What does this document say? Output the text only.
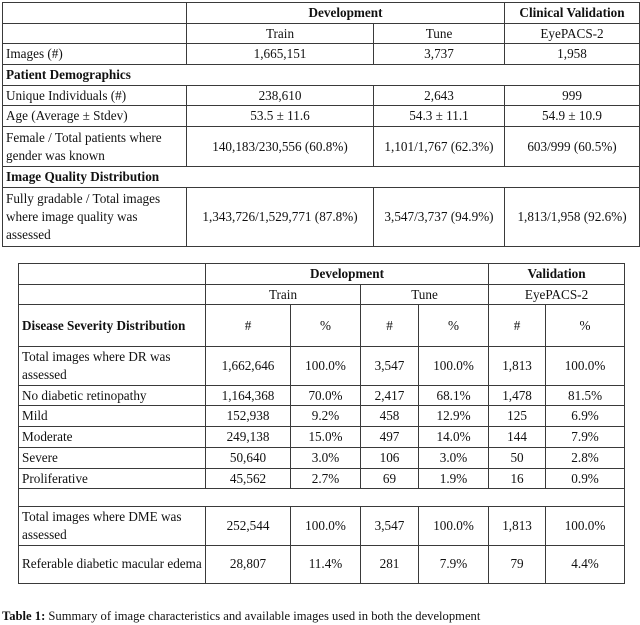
	Development		Clinical Validation
	Train	Tune	EyePACS-2
Images (#)	1,665,151	3,737	1,958
Patient Demographics			
Unique Individuals (#)	238,610	2,643	999
Age (Average ± Stdev)	53.5 ± 11.6	54.3 ± 11.1	54.9 ± 10.9
Female / Total patients where gender was known	140,183/230,556 (60.8%)	1,101/1,767 (62.3%)	603/999 (60.5%)
Image Quality Distribution			
Fully gradable / Total images where image quality was assessed	1,343,726/1,529,771 (87.8%)	3,547/3,737 (94.9%)	1,813/1,958 (92.6%)
	Development				Validation	
	Train		Tune		EyePACS-2	
Disease Severity Distribution	#	%	#	%	#	%
Total images where DR was assessed	1,662,646	100.0%	3,547	100.0%	1,813	100.0%
No diabetic retinopathy	1,164,368	70.0%	2,417	68.1%	1,478	81.5%
Mild	152,938	9.2%	458	12.9%	125	6.9%
Moderate	249,138	15.0%	497	14.0%	144	7.9%
Severe	50,640	3.0%	106	3.0%	50	2.8%
Proliferative	45,562	2.7%	69	1.9%	16	0.9%

Total images where DME was assessed	252,544	100.0%	3,547	100.0%	1,813	100.0%
Referable diabetic macular edema	28,807	11.4%	281	7.9%	79	4.4%
Table 1: Summary of image characteristics and available images used in both the development
